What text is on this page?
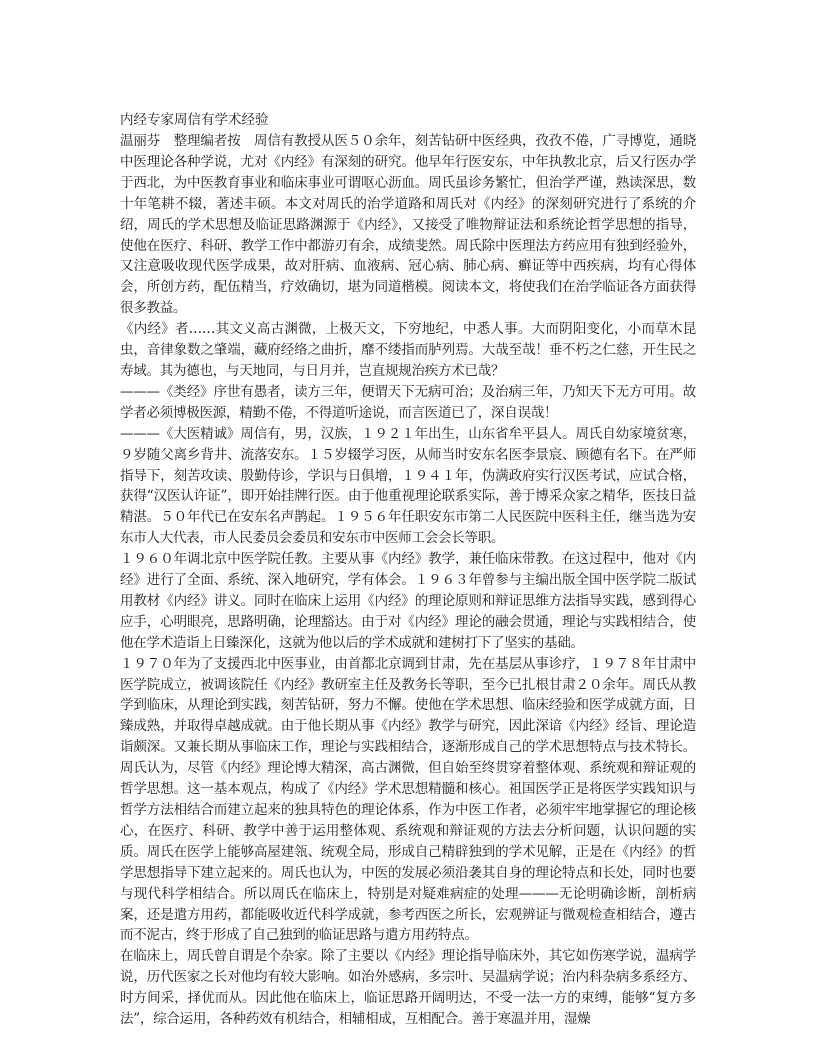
内经专家周信有学术经验

温丽芬　整理编者按　周信有教授从医５０余年，刻苦钻研中医经典，孜孜不倦，广寻博览，通晓中医理论各种学说，尤对《内经》有深刻的研究。他早年行医安东，中年执教北京，后又行医办学于西北，为中医教育事业和临床事业可谓呕心沥血。周氏虽诊务繁忙，但治学严谨，熟读深思，数十年笔耕不辍，著述丰硕。本文对周氏的治学道路和周氏对《内经》的深刻研究进行了系统的介绍，周氏的学术思想及临证思路渊源于《内经》，又接受了唯物辩证法和系统论哲学思想的指导，使他在医疗、科研、教学工作中都游刃有余，成绩斐然。周氏除中医理法方药应用有独到经验外，又注意吸收现代医学成果，故对肝病、血液病、冠心病、肺心病、癣证等中西疾病，均有心得体会，所创方药，配伍精当，疗效确切，堪为同道楷模。阅读本文，将使我们在治学临证各方面获得很多教益。

《内经》者……其文义高古渊微，上极天文，下穷地纪，中悉人事。大而阴阳变化，小而草木昆虫，音律象数之肇端，藏府经络之曲折，靡不缕指而胪列焉。大哉至哉！垂不朽之仁慈，开生民之寿域。其为德也，与天地同，与日月并，岂直规规治疾方术已哉？

———《类经》序世有愚者，读方三年，便谓天下无病可治；及治病三年，乃知天下无方可用。故学者必须博极医源，精勤不倦，不得道听途说，而言医道已了，深自误哉！

———《大医精诚》周信有，男，汉族，１９２１年出生，山东省牟平县人。周氏自幼家境贫寒，９岁随父离乡背井、流落安东。１５岁辍学习医，从师当时安东名医李景宸、顾德有名下。在严师指导下，刻苦攻读、殷勤侍诊，学识与日俱增，１９４１年，伪满政府实行汉医考试，应试合格，获得“汉医认许证”，即开始挂牌行医。由于他重视理论联系实际，善于博采众家之精华，医技日益精湛。５０年代已在安东名声鹊起。１９５６年任职安东市第二人民医院中医科主任，继当选为安东市人大代表，市人民委员会委员和安东市中医师工会会长等职。

１９６０年调北京中医学院任教。主要从事《内经》教学，兼任临床带教。在这过程中，他对《内经》进行了全面、系统、深入地研究，学有体会。１９６３年曾参与主编出版全国中医学院二版试用教材《内经》讲义。同时在临床上运用《内经》的理论原则和辩证思维方法指导实践，感到得心应手，心明眼亮，思路明确，论理豁达。由于对《内经》理论的融会贯通，理论与实践相结合，使他在学术造诣上日臻深化，这就为他以后的学术成就和建树打下了坚实的基础。

１９７０年为了支援西北中医事业，由首都北京调到甘肃，先在基层从事诊疗，１９７８年甘肃中医学院成立，被调该院任《内经》教研室主任及教务长等职，至今已扎根甘肃２０余年。周氏从教学到临床，从理论到实践，刻苦钻研，努力不懈。使他在学术思想、临床经验和医学成就方面，日臻成熟，并取得卓越成就。由于他长期从事《内经》教学与研究，因此深谙《内经》经旨、理论造诣颇深。又兼长期从事临床工作，理论与实践相结合，逐渐形成自己的学术思想特点与技术特长。周氏认为，尽管《内经》理论博大精深，高古渊微，但自始至终贯穿着整体观、系统观和辩证观的哲学思想。这一基本观点，构成了《内经》学术思想精髓和核心。祖国医学正是将医学实践知识与哲学方法相结合而建立起来的独具特色的理论体系，作为中医工作者，必须牢牢地掌握它的理论核心，在医疗、科研、教学中善于运用整体观、系统观和辩证观的方法去分析问题，认识问题的实质。周氏在医学上能够高屋建瓴、统观全局，形成自己精辟独到的学术见解，正是在《内经》的哲学思想指导下建立起来的。周氏也认为，中医的发展必须沿袭其自身的理论特点和长处，同时也要与现代科学相结合。所以周氏在临床上，特别是对疑难病症的处理———无论明确诊断，剖析病案，还是遣方用药，都能吸收近代科学成就，参考西医之所长，宏观辨证与微观检查相结合，遵古而不泥古，终于形成了自己独到的临证思路与遣方用药特点。

在临床上，周氏曾自谓是个杂家。除了主要以《内经》理论指导临床外，其它如伤寒学说，温病学说，历代医家之长对他均有较大影响。如治外感病，多宗叶、吴温病学说；治内科杂病多系经方、时方间采，择优而从。因此他在临床上，临证思路开阔明达，不受一法一方的束缚，能够“复方多法”，综合运用，各种药效有机结合，相辅相成，互相配合。善于寒温并用，湿燥
